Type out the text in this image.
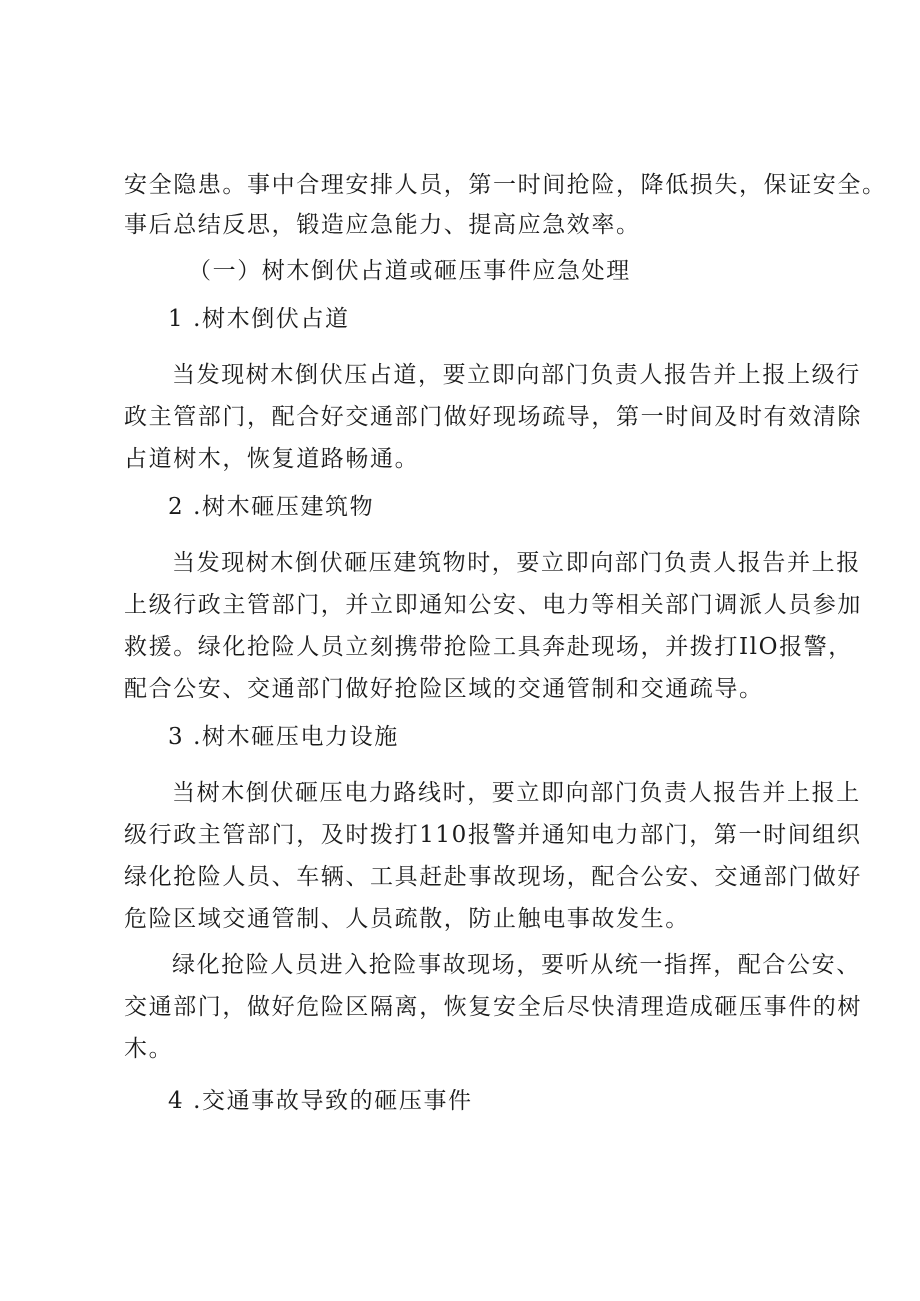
安全隐患。事中合理安排人员，第一时间抢险，降低损失，保证安全。
事后总结反思，锻造应急能力、提高应急效率。
（一）树木倒伏占道或砸压事件应急处理
1 .树木倒伏占道
当发现树木倒伏压占道，要立即向部门负责人报告并上报上级行
政主管部门，配合好交通部门做好现场疏导，第一时间及时有效清除
占道树木，恢复道路畅通。
2 .树木砸压建筑物
当发现树木倒伏砸压建筑物时，要立即向部门负责人报告并上报
上级行政主管部门，并立即通知公安、电力等相关部门调派人员参加
救援。绿化抢险人员立刻携带抢险工具奔赴现场，并拨打IlO报警，
配合公安、交通部门做好抢险区域的交通管制和交通疏导。
3 .树木砸压电力设施
当树木倒伏砸压电力路线时，要立即向部门负责人报告并上报上
级行政主管部门，及时拨打110报警并通知电力部门，第一时间组织
绿化抢险人员、车辆、工具赶赴事故现场，配合公安、交通部门做好
危险区域交通管制、人员疏散，防止触电事故发生。
绿化抢险人员进入抢险事故现场，要听从统一指挥，配合公安、
交通部门，做好危险区隔离，恢复安全后尽快清理造成砸压事件的树
木。
4 .交通事故导致的砸压事件
